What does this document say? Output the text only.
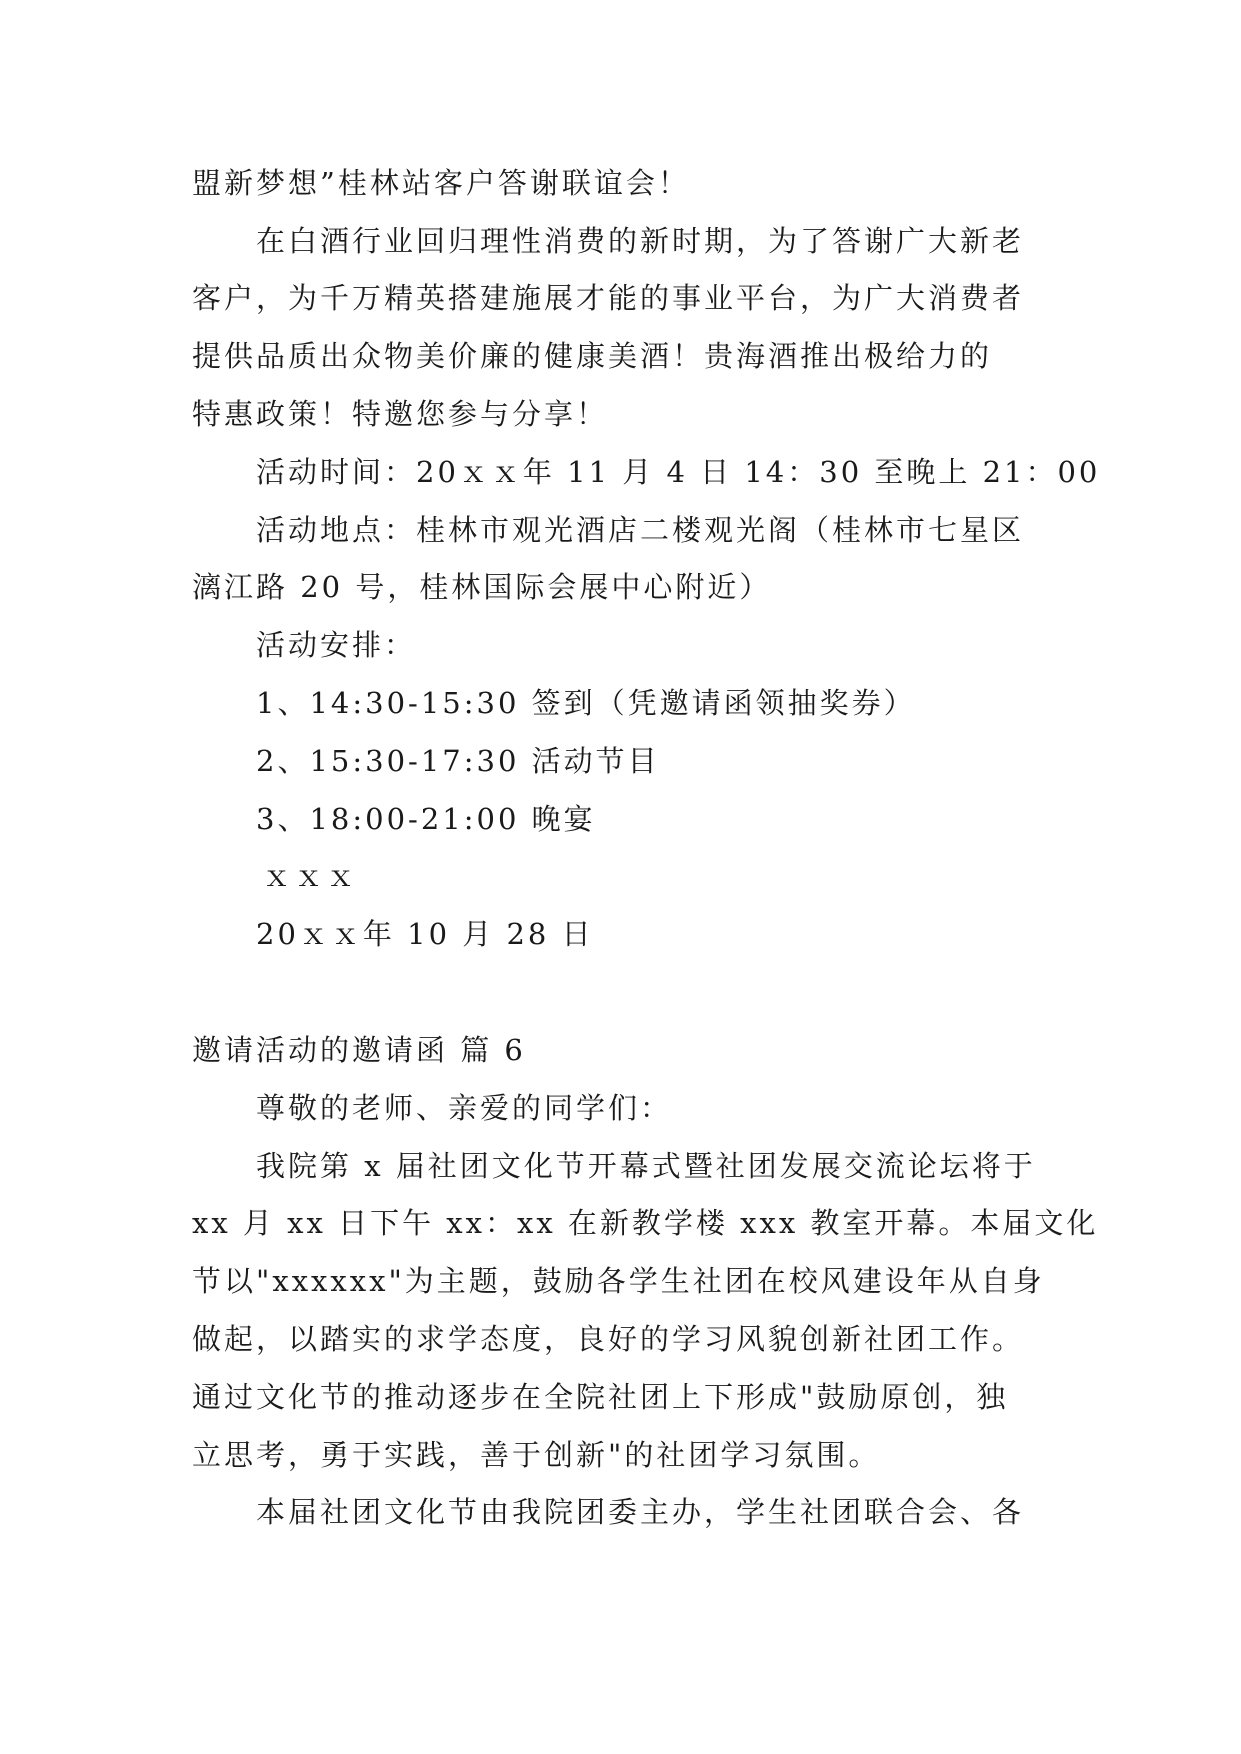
盟新梦想”桂林站客户答谢联谊会！
在白酒行业回归理性消费的新时期，为了答谢广大新老
客户，为千万精英搭建施展才能的事业平台，为广大消费者
提供品质出众物美价廉的健康美酒！贵海酒推出极给力的
特惠政策！特邀您参与分享！
活动时间：20ｘｘ年 11 月 4 日 14：30 至晚上 21：00
活动地点：桂林市观光酒店二楼观光阁（桂林市七星区
漓江路 20 号，桂林国际会展中心附近）
活动安排：
1、14:30-15:30 签到（凭邀请函领抽奖券）
2、15:30-17:30 活动节目
3、18:00-21:00 晚宴
ｘｘｘ
20ｘｘ年 10 月 28 日
邀请活动的邀请函 篇 6
尊敬的老师、亲爱的同学们：
我院第 x 届社团文化节开幕式暨社团发展交流论坛将于
xx 月 xx 日下午 xx：xx 在新教学楼 xxx 教室开幕。本届文化
节以"xxxxxx"为主题，鼓励各学生社团在校风建设年从自身
做起，以踏实的求学态度，良好的学习风貌创新社团工作。
通过文化节的推动逐步在全院社团上下形成"鼓励原创，独
立思考，勇于实践，善于创新"的社团学习氛围。
本届社团文化节由我院团委主办，学生社团联合会、各
